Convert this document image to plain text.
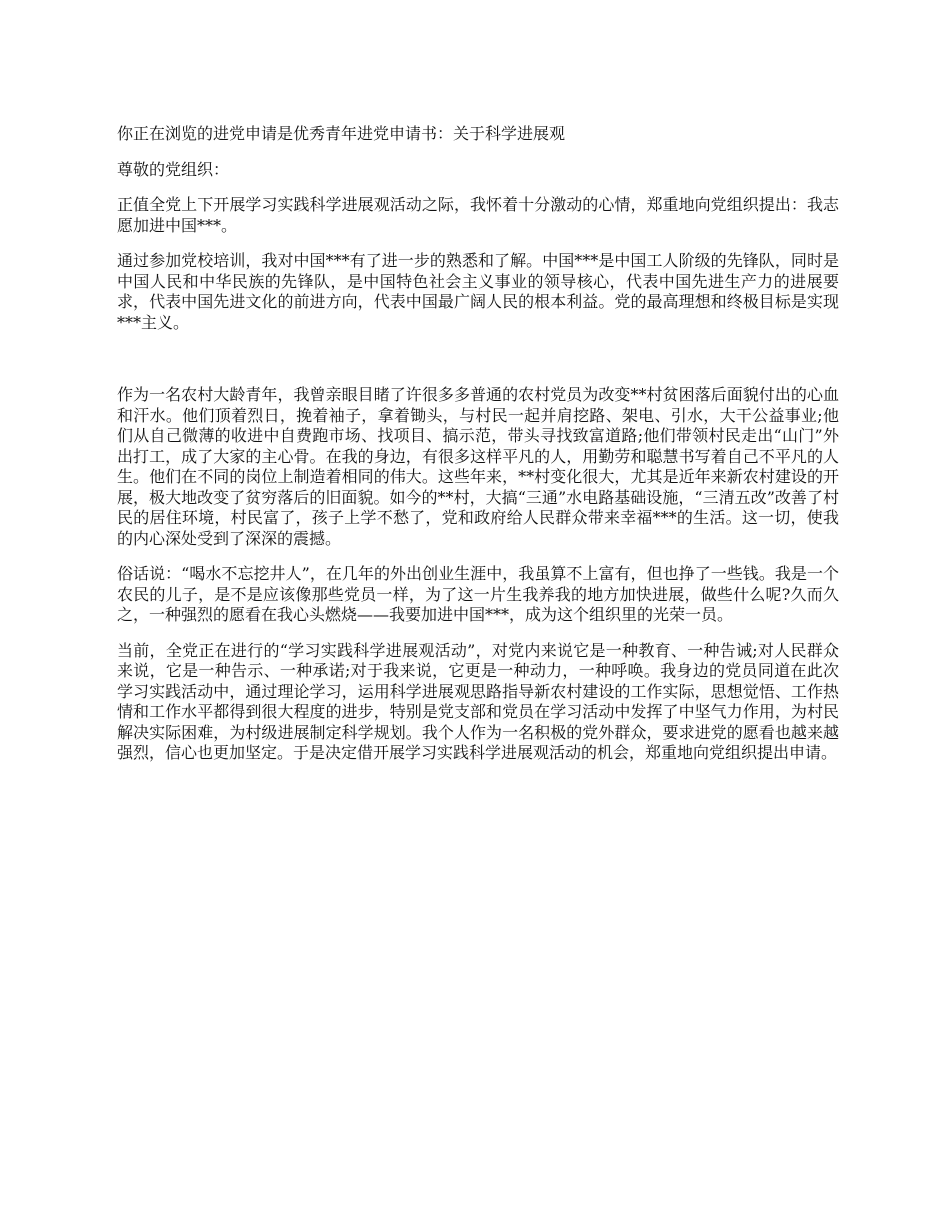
你正在浏览的进党申请是优秀青年进党申请书：关于科学进展观

尊敬的党组织：

正值全党上下开展学习实践科学进展观活动之际，我怀着十分激动的心情，郑重地向党组织提出：我志愿加进中国***。

通过参加党校培训，我对中国***有了进一步的熟悉和了解。中国***是中国工人阶级的先锋队，同时是中国人民和中华民族的先锋队，是中国特色社会主义事业的领导核心，代表中国先进生产力的进展要求，代表中国先进文化的前进方向，代表中国最广阔人民的根本利益。党的最高理想和终极目标是实现***主义。

作为一名农村大龄青年，我曾亲眼目睹了许很多多普通的农村党员为改变**村贫困落后面貌付出的心血和汗水。他们顶着烈日，挽着袖子，拿着锄头，与村民一起并肩挖路、架电、引水，大干公益事业;他们从自己微薄的收进中自费跑市场、找项目、搞示范，带头寻找致富道路;他们带领村民走出“山门”外出打工，成了大家的主心骨。在我的身边，有很多这样平凡的人，用勤劳和聪慧书写着自己不平凡的人生。他们在不同的岗位上制造着相同的伟大。这些年来，**村变化很大，尤其是近年来新农村建设的开展，极大地改变了贫穷落后的旧面貌。如今的**村，大搞“三通”水电路基础设施，“三清五改”改善了村民的居住环境，村民富了，孩子上学不愁了，党和政府给人民群众带来幸福***的生活。这一切，使我的内心深处受到了深深的震撼。

俗话说：“喝水不忘挖井人”，在几年的外出创业生涯中，我虽算不上富有，但也挣了一些钱。我是一个农民的儿子，是不是应该像那些党员一样，为了这一片生我养我的地方加快进展，做些什么呢?久而久之，一种强烈的愿看在我心头燃烧——我要加进中国***，成为这个组织里的光荣一员。

当前，全党正在进行的“学习实践科学进展观活动”，对党内来说它是一种教育、一种告诫;对人民群众来说，它是一种告示、一种承诺;对于我来说，它更是一种动力，一种呼唤。我身边的党员同道在此次学习实践活动中，通过理论学习，运用科学进展观思路指导新农村建设的工作实际，思想觉悟、工作热情和工作水平都得到很大程度的进步，特别是党支部和党员在学习活动中发挥了中坚气力作用，为村民解决实际困难，为村级进展制定科学规划。我个人作为一名积极的党外群众，要求进党的愿看也越来越强烈，信心也更加坚定。于是决定借开展学习实践科学进展观活动的机会，郑重地向党组织提出申请。
